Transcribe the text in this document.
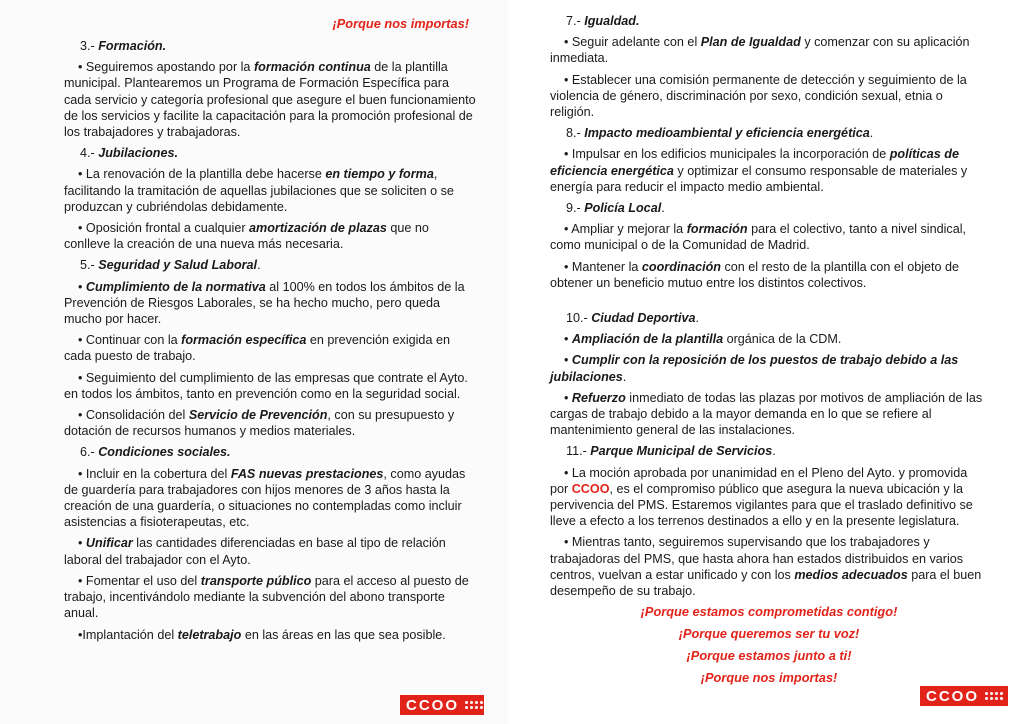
¡Porque nos importas!

3.- Formación.

• Seguiremos apostando por la formación continua de la plantilla municipal. Plantearemos un Programa de Formación Específica para cada servicio y categoría profesional que asegure el buen funcionamiento de los servicios y facilite la capacitación para la promoción profesional de los trabajadores y trabajadoras.

4.- Jubilaciones.

• La renovación de la plantilla debe hacerse en tiempo y forma, facilitando la tramitación de aquellas jubilaciones que se soliciten o se produzcan y cubriéndolas debidamente.

• Oposición frontal a cualquier amortización de plazas que no conlleve la creación de una nueva más necesaria.

5.- Seguridad y Salud Laboral.

• Cumplimiento de la normativa al 100% en todos los ámbitos de la Prevención de Riesgos Laborales, se ha hecho mucho, pero queda mucho por hacer.

• Continuar con la formación específica en prevención exigida en cada puesto de trabajo.

• Seguimiento del cumplimiento de las empresas que contrate el Ayto. en todos los ámbitos, tanto en prevención como en la seguridad social.

• Consolidación del Servicio de Prevención, con su presupuesto y dotación de recursos humanos y medios materiales.

6.- Condiciones sociales.

• Incluir en la cobertura del FAS nuevas prestaciones, como ayudas de guardería para trabajadores con hijos menores de 3 años hasta la creación de una guardería, o situaciones no contempladas como incluir asistencias a fisioterapeutas, etc.

• Unificar las cantidades diferenciadas en base al tipo de relación laboral del trabajador con el Ayto.

• Fomentar el uso del transporte público para el acceso al puesto de trabajo, incentivándolo mediante la subvención del abono transporte anual.

•Implantación del teletrabajo en las áreas en las que sea posible.

CCOO

7.- Igualdad.

• Seguir adelante con el Plan de Igualdad y comenzar con su aplicación inmediata.

• Establecer una comisión permanente de detección y seguimiento de la violencia de género, discriminación por sexo, condición sexual, etnia o religión.

8.- Impacto medioambiental y eficiencia energética.

• Impulsar en los edificios municipales la incorporación de políticas de eficiencia energética y optimizar el consumo responsable de materiales y energía para reducir el impacto medio ambiental.

9.- Policía Local.

• Ampliar y mejorar la formación para el colectivo, tanto a nivel sindical, como municipal o de la Comunidad de Madrid.

• Mantener la coordinación con el resto de la plantilla con el objeto de obtener un beneficio mutuo entre los distintos colectivos.

10.- Ciudad Deportiva.

• Ampliación de la plantilla orgánica de la CDM.

• Cumplir con la reposición de los puestos de trabajo debido a las jubilaciones.

• Refuerzo inmediato de todas las plazas por motivos de ampliación de las cargas de trabajo debido a la mayor demanda en lo que se refiere al mantenimiento general de las instalaciones.

11.- Parque Municipal de Servicios.

• La moción aprobada por unanimidad en el Pleno del Ayto. y promovida por CCOO, es el compromiso público que asegura la nueva ubicación y la pervivencia del PMS. Estaremos vigilantes para que el traslado definitivo se lleve a efecto a los terrenos destinados a ello y en la presente legislatura.

• Mientras tanto, seguiremos supervisando que los trabajadores y trabajadoras del PMS, que hasta ahora han estados distribuidos en varios centros, vuelvan a estar unificado y con los medios adecuados para el buen desempeño de su trabajo.

¡Porque estamos comprometidas contigo!

¡Porque queremos ser tu voz!

¡Porque estamos junto a ti!

¡Porque nos importas!

CCOO
